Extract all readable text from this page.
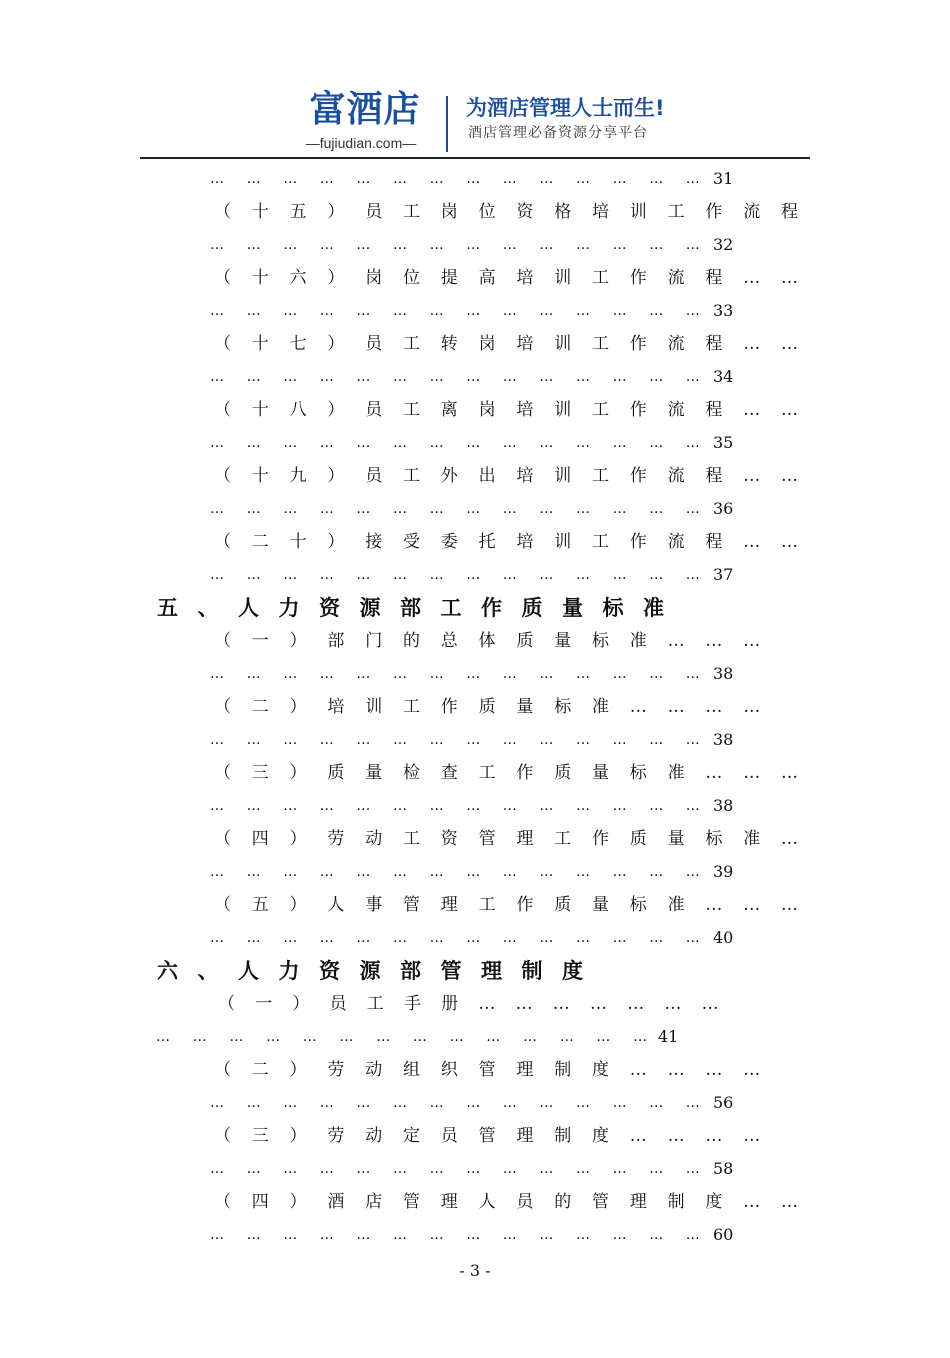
富酒店
—fujiudian.com—
为酒店管理人士而生!
酒店管理必备资源分享平台
… … … … … … … … … … … … … … 31
（十五）员工岗位资格培训工作流程
… … … … … … … … … … … … … … 32
（十六）岗位提高培训工作流程……
… … … … … … … … … … … … … … 33
（十七）员工转岗培训工作流程……
… … … … … … … … … … … … … … 34
（十八）员工离岗培训工作流程……
… … … … … … … … … … … … … … 35
（十九）员工外出培训工作流程……
… … … … … … … … … … … … … … 36
（二十）接受委托培训工作流程……
… … … … … … … … … … … … … … 37
五、人力资源部工作质量标准
（一）部门的总体质量标准………
… … … … … … … … … … … … … … 38
（二）培训工作质量标准…………
… … … … … … … … … … … … … … 38
（三）质量检查工作质量标准………
… … … … … … … … … … … … … … 38
（四）劳动工资管理工作质量标准…
… … … … … … … … … … … … … … 39
（五）人事管理工作质量标准………
… … … … … … … … … … … … … … 40
六、人力资源部管理制度
（一）员工手册…………………
… … … … … … … … … … … … … … 41
（二）劳动组织管理制度…………
… … … … … … … … … … … … … … 56
（三）劳动定员管理制度…………
… … … … … … … … … … … … … … 58
（四）酒店管理人员的管理制度……
… … … … … … … … … … … … … … 60
- 3 -
